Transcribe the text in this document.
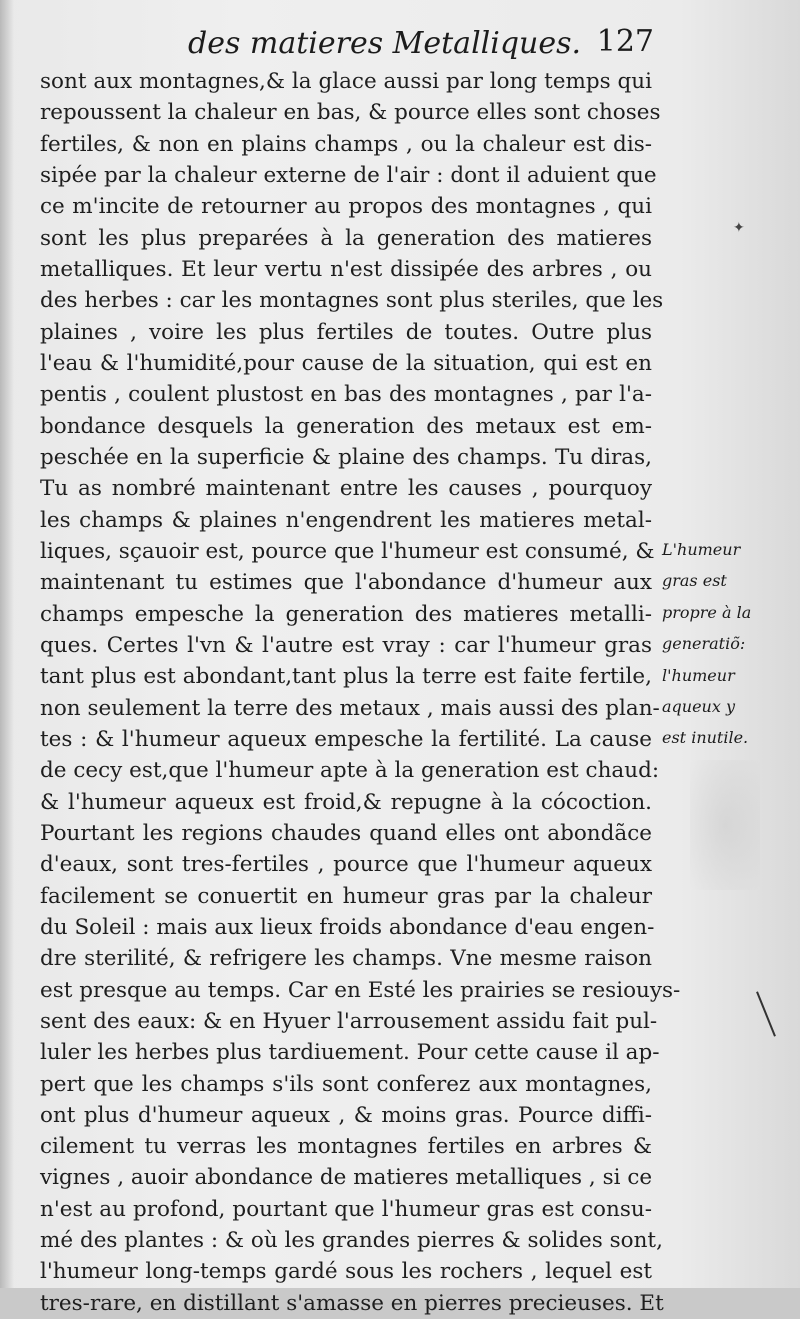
des matieres Metalliques. 127
sont aux montagnes,& la glace aussi par long temps qui
repoussent la chaleur en bas, & pource elles sont choses
fertiles, & non en plains champs , ou la chaleur est dis-
sipée par la chaleur externe de l'air : dont il aduient que
ce m'incite de retourner au propos des montagnes , qui
sont les plus preparées à la generation des matieres
metalliques. Et leur vertu n'est dissipée des arbres , ou
des herbes : car les montagnes sont plus steriles, que les
plaines , voire les plus fertiles de toutes. Outre plus
l'eau & l'humidité,pour cause de la situation, qui est en
pentis , coulent plustost en bas des montagnes , par l'a-
bondance desquels la generation des metaux est em-
peschée en la superficie & plaine des champs. Tu diras,
Tu as nombré maintenant entre les causes , pourquoy
les champs & plaines n'engendrent les matieres metal-
liques, sçauoir est, pource que l'humeur est consumé, &
maintenant tu estimes que l'abondance d'humeur aux
champs empesche la generation des matieres metalli-
ques. Certes l'vn & l'autre est vray : car l'humeur gras
tant plus est abondant,tant plus la terre est faite fertile,
non seulement la terre des metaux , mais aussi des plan-
tes : & l'humeur aqueux empesche la fertilité. La cause
de cecy est,que l'humeur apte à la generation est chaud:
& l'humeur aqueux est froid,& repugne à la cócoction.
Pourtant les regions chaudes quand elles ont abondãce
d'eaux, sont tres-fertiles , pource que l'humeur aqueux
facilement se conuertit en humeur gras par la chaleur
du Soleil : mais aux lieux froids abondance d'eau engen-
dre sterilité, & refrigere les champs. Vne mesme raison
est presque au temps. Car en Esté les prairies se resiouys-
sent des eaux: & en Hyuer l'arrousement assidu fait pul-
luler les herbes plus tardiuement. Pour cette cause il ap-
pert que les champs s'ils sont conferez aux montagnes,
ont plus d'humeur aqueux , & moins gras. Pource diffi-
cilement tu verras les montagnes fertiles en arbres &
vignes , auoir abondance de matieres metalliques , si ce
n'est au profond, pourtant que l'humeur gras est consu-
mé des plantes : & où les grandes pierres & solides sont,
l'humeur long-temps gardé sous les rochers , lequel est
tres-rare, en distillant s'amasse en pierres precieuses. Et
L'humeur
gras est
propre à la
generatiõ:
l'humeur
aqueux y
est inutile.
✦
